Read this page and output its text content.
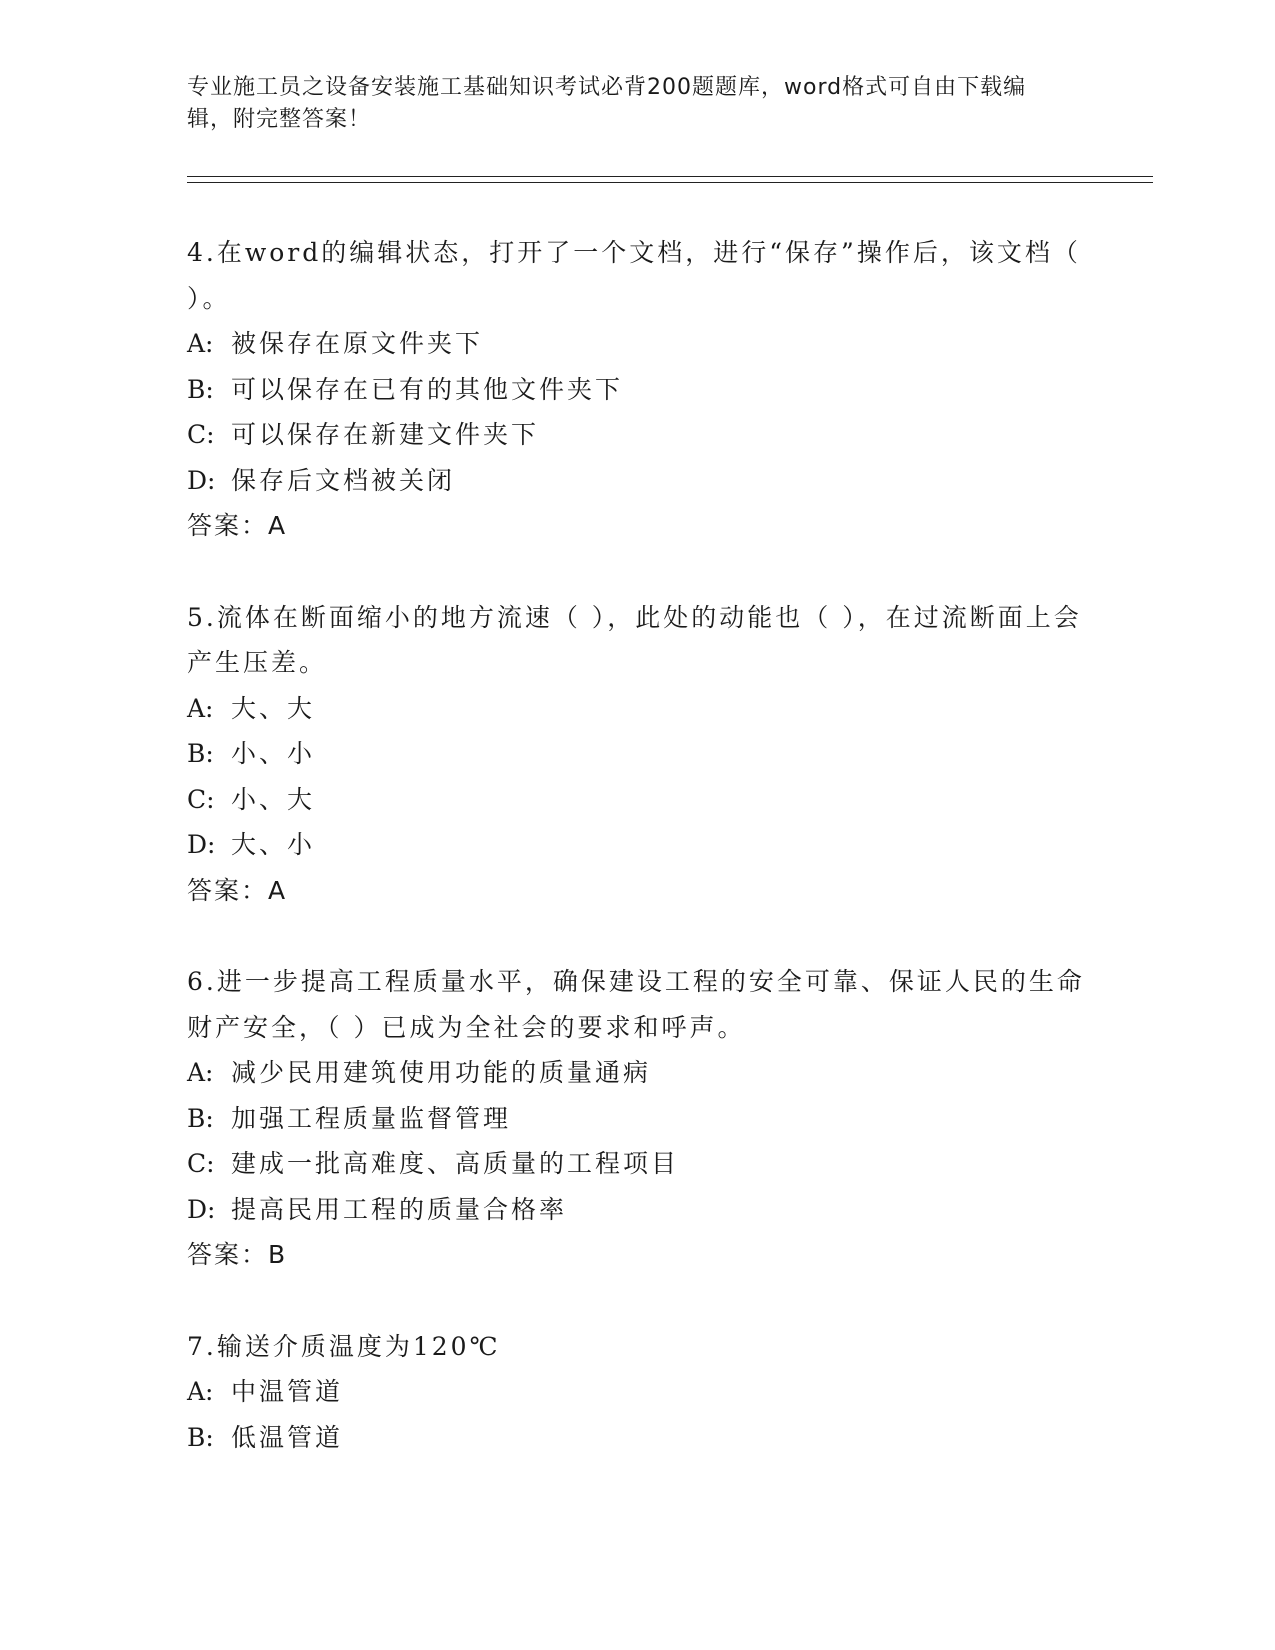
专业施工员之设备安装施工基础知识考试必背200题题库，word格式可自由下载编辑，附完整答案！

4.在word的编辑状态，打开了一个文档，进行“保存”操作后，该文档（ ）。

A: 被保存在原文件夹下

B: 可以保存在已有的其他文件夹下

C: 可以保存在新建文件夹下

D: 保存后文档被关闭

答案：A

5.流体在断面缩小的地方流速（ ），此处的动能也（ ），在过流断面上会产生压差。

A: 大、大

B: 小、小

C: 小、大

D: 大、小

答案：A

6.进一步提高工程质量水平，确保建设工程的安全可靠、保证人民的生命财产安全，（ ）已成为全社会的要求和呼声。

A: 减少民用建筑使用功能的质量通病

B: 加强工程质量监督管理

C: 建成一批高难度、高质量的工程项目

D: 提高民用工程的质量合格率

答案：B

7.输送介质温度为120℃

A: 中温管道

B: 低温管道
